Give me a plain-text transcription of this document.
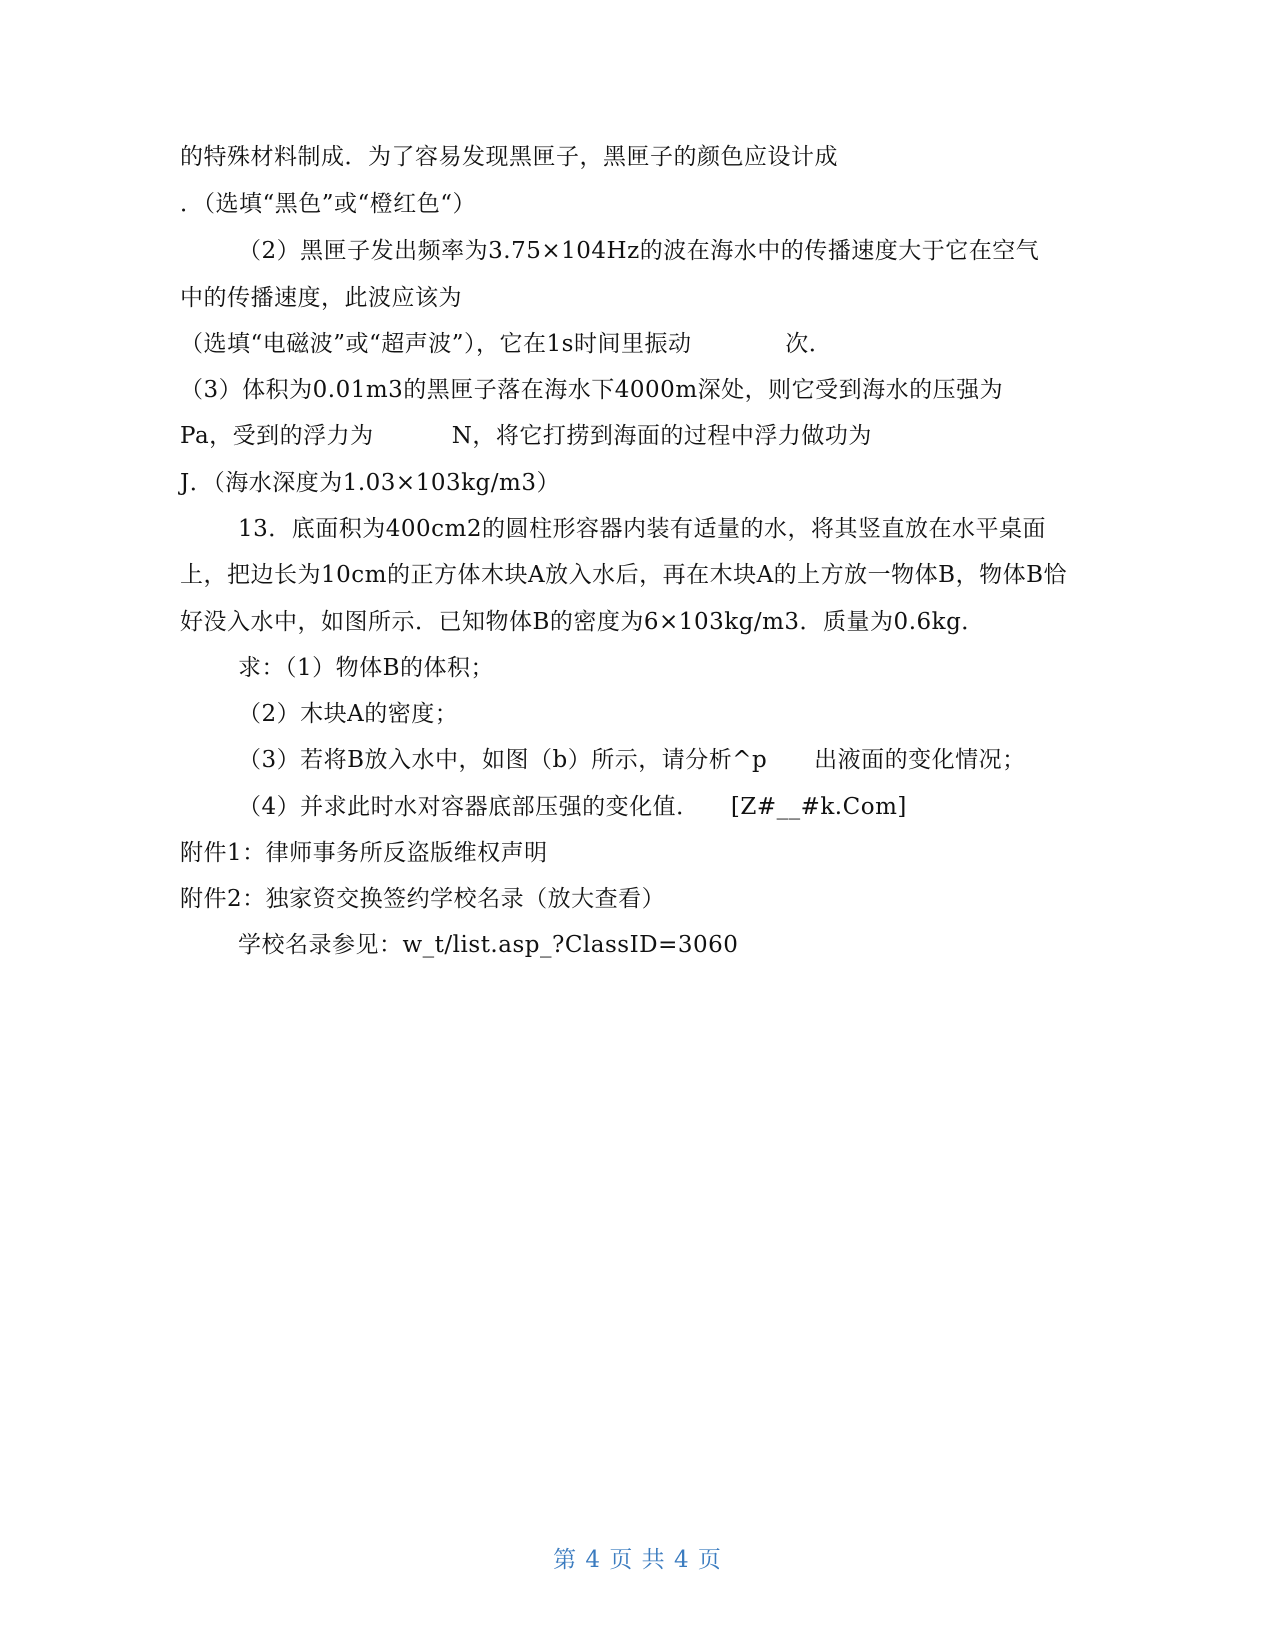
的特殊材料制成．为了容易发现黑匣子，黑匣子的颜色应设计成
．（选填“黑色”或“橙红色“）
（2）黑匣子发出频率为3.75×104Hz的波在海水中的传播速度大于它在空气
中的传播速度，此波应该为
（选填“电磁波”或“超声波”），它在1s时间里振动            次．
（3）体积为0.01m3的黑匣子落在海水下4000m深处，则它受到海水的压强为
Pa，受到的浮力为          N，将它打捞到海面的过程中浮力做功为
J．（海水深度为1.03×103kg/m3）
13．底面积为400cm2的圆柱形容器内装有适量的水，将其竖直放在水平桌面
上，把边长为10cm的正方体木块A放入水后，再在木块A的上方放一物体B，物体B恰
好没入水中，如图所示．已知物体B的密度为6×103kg/m3．质量为0.6kg．
求：（1）物体B的体积；
（2）木块A的密度；
（3）若将B放入水中，如图（b）所示，请分析^p      出液面的变化情况；
（4）并求此时水对容器底部压强的变化值．    [Z#__#k.Com]
附件1：律师事务所反盗版维权声明
附件2：独家资交换签约学校名录（放大查看）
学校名录参见：w_t/list.asp_?ClassID=3060
第 4 页 共 4 页
